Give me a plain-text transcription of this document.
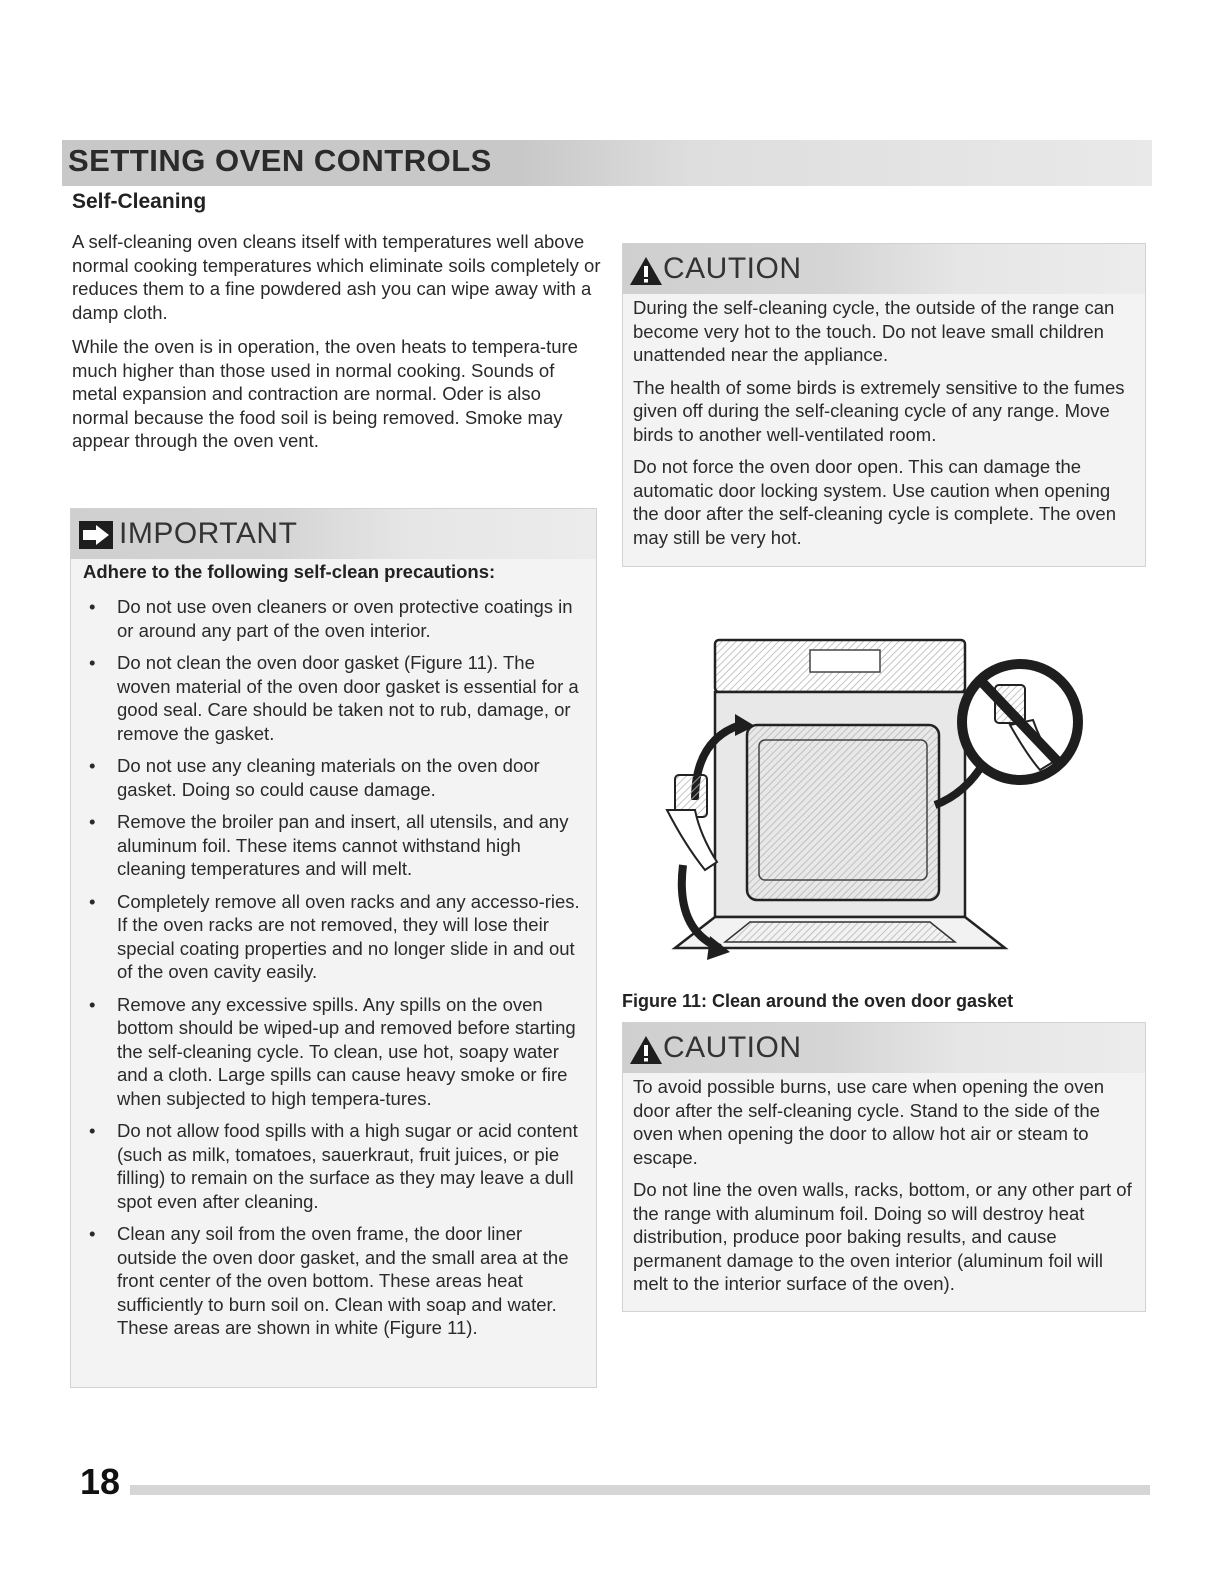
SETTING OVEN CONTROLS
Self-Cleaning
A self-cleaning oven cleans itself with temperatures well above normal cooking temperatures which eliminate soils completely or reduces them to a fine powdered ash you can wipe away with a damp cloth.
While the oven is in operation, the oven heats to tempera-ture much higher than those used in normal cooking. Sounds of metal expansion and contraction are normal. Oder is also normal because the food soil is being removed. Smoke may appear through the oven vent.
IMPORTANT
Adhere to the following self-clean precautions:
• Do not use oven cleaners or oven protective coatings in or around any part of the oven interior.
• Do not clean the oven door gasket (Figure 11). The woven material of the oven door gasket is essential for a good seal. Care should be taken not to rub, damage, or remove the gasket.
• Do not use any cleaning materials on the oven door gasket. Doing so could cause damage.
• Remove the broiler pan and insert, all utensils, and any aluminum foil. These items cannot withstand high cleaning temperatures and will melt.
• Completely remove all oven racks and any accesso-ries. If the oven racks are not removed, they will lose their special coating properties and no longer slide in and out of the oven cavity easily.
• Remove any excessive spills. Any spills on the oven bottom should be wiped-up and removed before starting the self-cleaning cycle. To clean, use hot, soapy water and a cloth. Large spills can cause heavy smoke or fire when subjected to high tempera-tures.
• Do not allow food spills with a high sugar or acid content (such as milk, tomatoes, sauerkraut, fruit juices, or pie filling) to remain on the surface as they may leave a dull spot even after cleaning.
• Clean any soil from the oven frame, the door liner outside the oven door gasket, and the small area at the front center of the oven bottom. These areas heat sufficiently to burn soil on. Clean with soap and water. These areas are shown in white (Figure 11).
CAUTION

During the self-cleaning cycle, the outside of the range can become very hot to the touch. Do not leave small children unattended near the appliance.

The health of some birds is extremely sensitive to the fumes given off during the self-cleaning cycle of any range. Move birds to another well-ventilated room.

Do not force the oven door open. This can damage the automatic door locking system. Use caution when opening the door after the self-cleaning cycle is complete. The oven may still be very hot.

Figure 11: Clean around the oven door gasket
CAUTION

To avoid possible burns, use care when opening the oven door after the self-cleaning cycle. Stand to the side of the oven when opening the door to allow hot air or steam to escape.

Do not line the oven walls, racks, bottom, or any other part of the range with aluminum foil. Doing so will destroy heat distribution, produce poor baking results, and cause permanent damage to the oven interior (aluminum foil will melt to the interior surface of the oven).

18
